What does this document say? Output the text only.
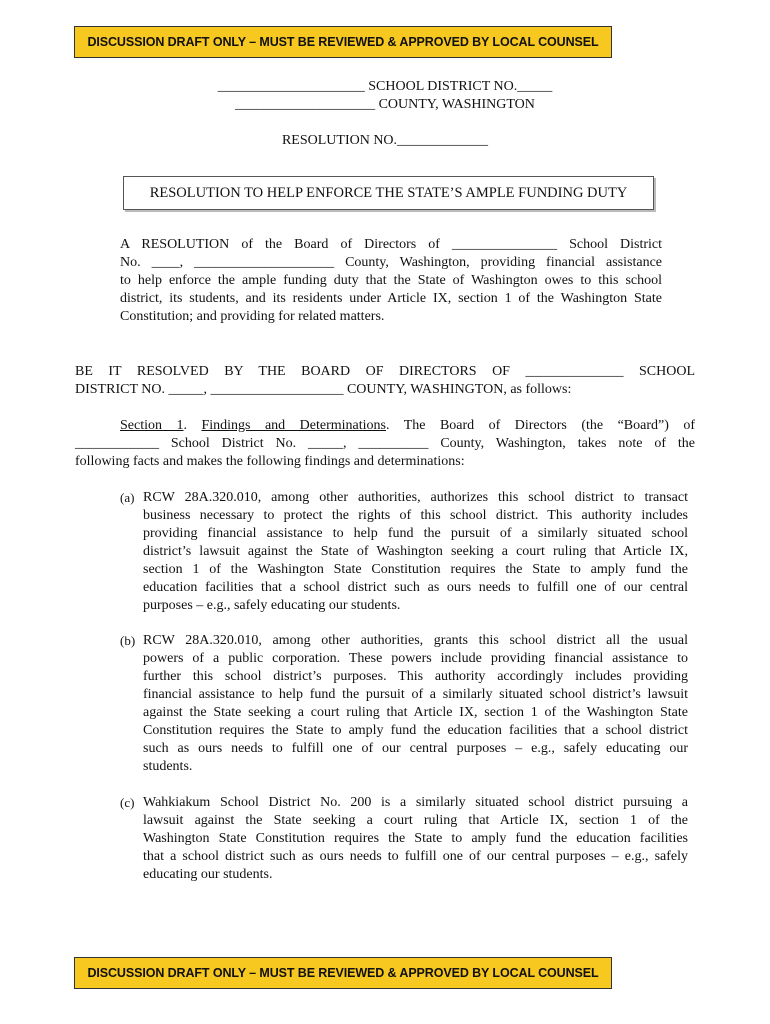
DISCUSSION DRAFT ONLY – MUST BE REVIEWED & APPROVED BY LOCAL COUNSEL
_____________________ SCHOOL DISTRICT NO._____
____________________ COUNTY, WASHINGTON
RESOLUTION NO._____________
RESOLUTION TO HELP ENFORCE THE STATE’S AMPLE FUNDING DUTY
A RESOLUTION of the Board of Directors of _______________ School District
No. ____, ____________________ County, Washington, providing financial assistance
to help enforce the ample funding duty that the State of Washington owes to this school
district, its students, and its residents under Article IX, section 1 of the Washington State
Constitution; and providing for related matters.
BE IT RESOLVED BY THE BOARD OF DIRECTORS OF ______________ SCHOOL
DISTRICT NO. _____, ___________________ COUNTY, WASHINGTON, as follows:
Section 1. Findings and Determinations. The Board of Directors (the “Board”) of
____________ School District No. _____, __________ County, Washington, takes note of the
following facts and makes the following findings and determinations:
(a) RCW 28A.320.010, among other authorities, authorizes this school district to transact
business necessary to protect the rights of this school district. This authority includes
providing financial assistance to help fund the pursuit of a similarly situated school
district’s lawsuit against the State of Washington seeking a court ruling that Article IX,
section 1 of the Washington State Constitution requires the State to amply fund the
education facilities that a school district such as ours needs to fulfill one of our central
purposes – e.g., safely educating our students.
(b) RCW 28A.320.010, among other authorities, grants this school district all the usual
powers of a public corporation. These powers include providing financial assistance to
further this school district’s purposes. This authority accordingly includes providing
financial assistance to help fund the pursuit of a similarly situated school district’s lawsuit
against the State seeking a court ruling that Article IX, section 1 of the Washington State
Constitution requires the State to amply fund the education facilities that a school district
such as ours needs to fulfill one of our central purposes – e.g., safely educating our
students.
(c) Wahkiakum School District No. 200 is a similarly situated school district pursuing a
lawsuit against the State seeking a court ruling that Article IX, section 1 of the
Washington State Constitution requires the State to amply fund the education facilities
that a school district such as ours needs to fulfill one of our central purposes – e.g., safely
educating our students.
DISCUSSION DRAFT ONLY – MUST BE REVIEWED & APPROVED BY LOCAL COUNSEL
